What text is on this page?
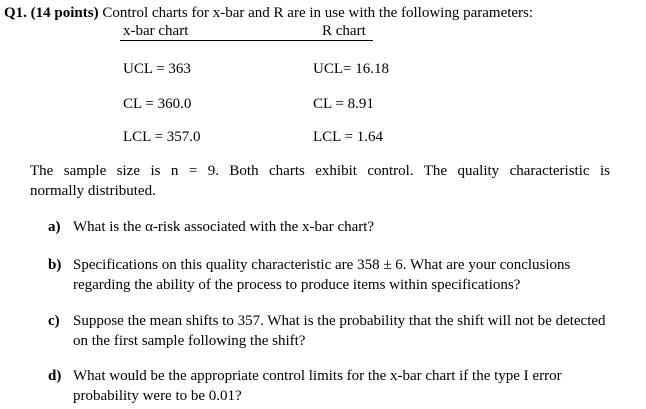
Q1. (14 points) Control charts for x-bar and R are in use with the following parameters:
x-bar chart	R chart
UCL = 363	UCL= 16.18
CL = 360.0	CL = 8.91
LCL = 357.0	LCL = 1.64
The sample size is n = 9. Both charts exhibit control. The quality characteristic is
normally distributed.
a) What is the α-risk associated with the x-bar chart?
b) Specifications on this quality characteristic are 358 ± 6. What are your conclusions regarding the ability of the process to produce items within specifications?
c) Suppose the mean shifts to 357. What is the probability that the shift will not be detected on the first sample following the shift?
d) What would be the appropriate control limits for the x-bar chart if the type I error probability were to be 0.01?
